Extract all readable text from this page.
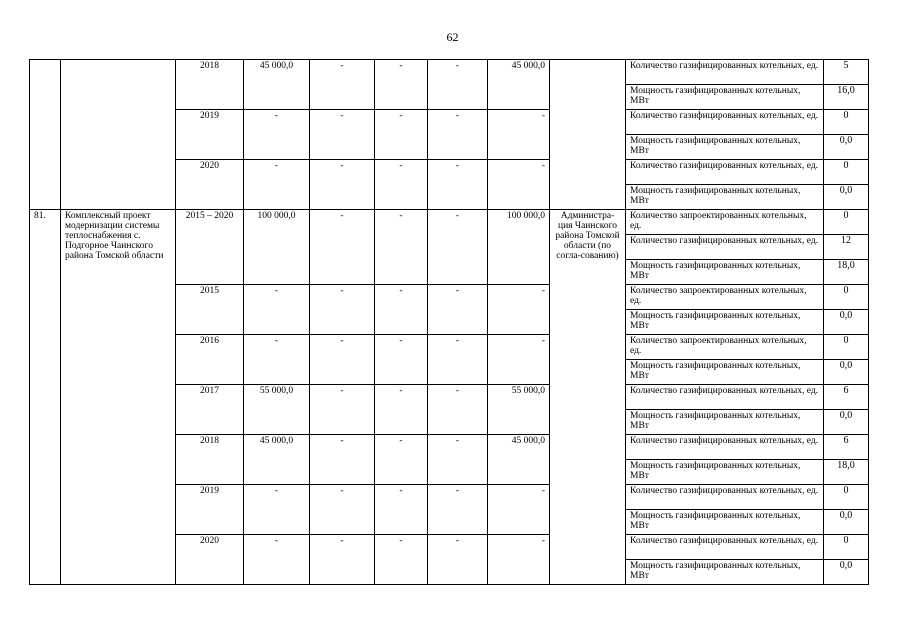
62
		2018	45 000,0	-	-	-	45 000,0		Количество газифицированных котельных, ед.	5
									Мощность газифицированных котельных, МВт	16,0
		2019	-	-	-	-	-		Количество газифицированных котельных, ед.	0
									Мощность газифицированных котельных, МВт	0,0
		2020	-	-	-	-	-		Количество газифицированных котельных, ед.	0
									Мощность газифицированных котельных, МВт	0,0
81.	Комплексный проект модернизации системы теплоснабжения с. Подгорное Чаинского района Томской области	2015 – 2020	100 000,0	-	-	-	100 000,0	Администра-ция Чаинского района Томской области (по согла-сованию)	Количество запроектированных котельных, ед.	0
									Количество газифицированных котельных, ед.	12
									Мощность газифицированных котельных, МВт	18,0
		2015	-	-	-	-	-		Количество запроектированных котельных, ед.	0
									Мощность газифицированных котельных, МВт	0,0
		2016	-	-	-	-	-		Количество запроектированных котельных, ед.	0
									Мощность газифицированных котельных, МВт	0,0
		2017	55 000,0	-	-	-	55 000,0		Количество газифицированных котельных, ед.	6
									Мощность газифицированных котельных, МВт	0,0
		2018	45 000,0	-	-	-	45 000,0		Количество газифицированных котельных, ед.	6
									Мощность газифицированных котельных, МВт	18,0
		2019	-	-	-	-	-		Количество газифицированных котельных, ед.	0
									Мощность газифицированных котельных, МВт	0,0
		2020	-	-	-	-	-		Количество газифицированных котельных, ед.	0
									Мощность газифицированных котельных, МВт	0,0
